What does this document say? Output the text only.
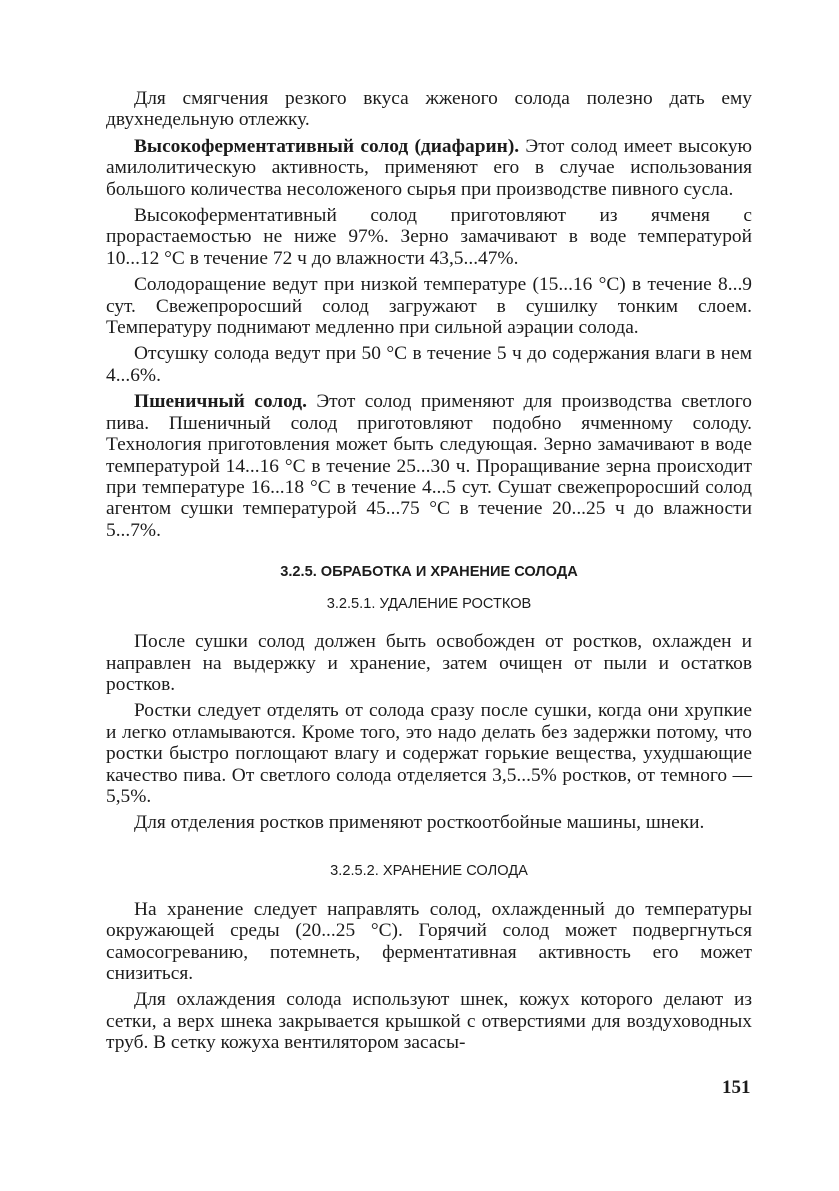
Для смягчения резкого вкуса жженого солода полезно дать ему двухнедельную отлежку.

Высокоферментативный солод (диафарин). Этот солод имеет высокую амилолитическую активность, применяют его в случае использования большого количества несоложеного сырья при производстве пивного сусла.

Высокоферментативный солод приготовляют из ячменя с прорастаемостью не ниже 97%. Зерно замачивают в воде температурой 10...12 °С в течение 72 ч до влажности 43,5...47%.

Солодоращение ведут при низкой температуре (15...16 °С) в течение 8...9 сут. Свежепроросший солод загружают в сушилку тонким слоем. Температуру поднимают медленно при сильной аэрации солода.

Отсушку солода ведут при 50 °С в течение 5 ч до содержания влаги в нем 4...6%.

Пшеничный солод. Этот солод применяют для производства светлого пива. Пшеничный солод приготовляют подобно ячменному солоду. Технология приготовления может быть следующая. Зерно замачивают в воде температурой 14...16 °С в течение 25...30 ч. Проращивание зерна происходит при температуре 16...18 °С в течение 4...5 сут. Сушат свежепроросший солод агентом сушки температурой 45...75 °С в течение 20...25 ч до влажности 5...7%.

3.2.5. ОБРАБОТКА И ХРАНЕНИЕ СОЛОДА
3.2.5.1. УДАЛЕНИЕ РОСТКОВ

После сушки солод должен быть освобожден от ростков, охлажден и направлен на выдержку и хранение, затем очищен от пыли и остатков ростков.

Ростки следует отделять от солода сразу после сушки, когда они хрупкие и легко отламываются. Кроме того, это надо делать без задержки потому, что ростки быстро поглощают влагу и содержат горькие вещества, ухудшающие качество пива. От светлого солода отделяется 3,5...5% ростков, от темного — 5,5%.

Для отделения ростков применяют росткоотбойные машины, шнеки.

3.2.5.2. ХРАНЕНИЕ СОЛОДА

На хранение следует направлять солод, охлажденный до температуры окружающей среды (20...25 °С). Горячий солод может подвергнуться самосогреванию, потемнеть, ферментативная активность его может снизиться.

Для охлаждения солода используют шнек, кожух которого делают из сетки, а верх шнека закрывается крышкой с отверстиями для воздуховодных труб. В сетку кожуха вентилятором засасы-

151
